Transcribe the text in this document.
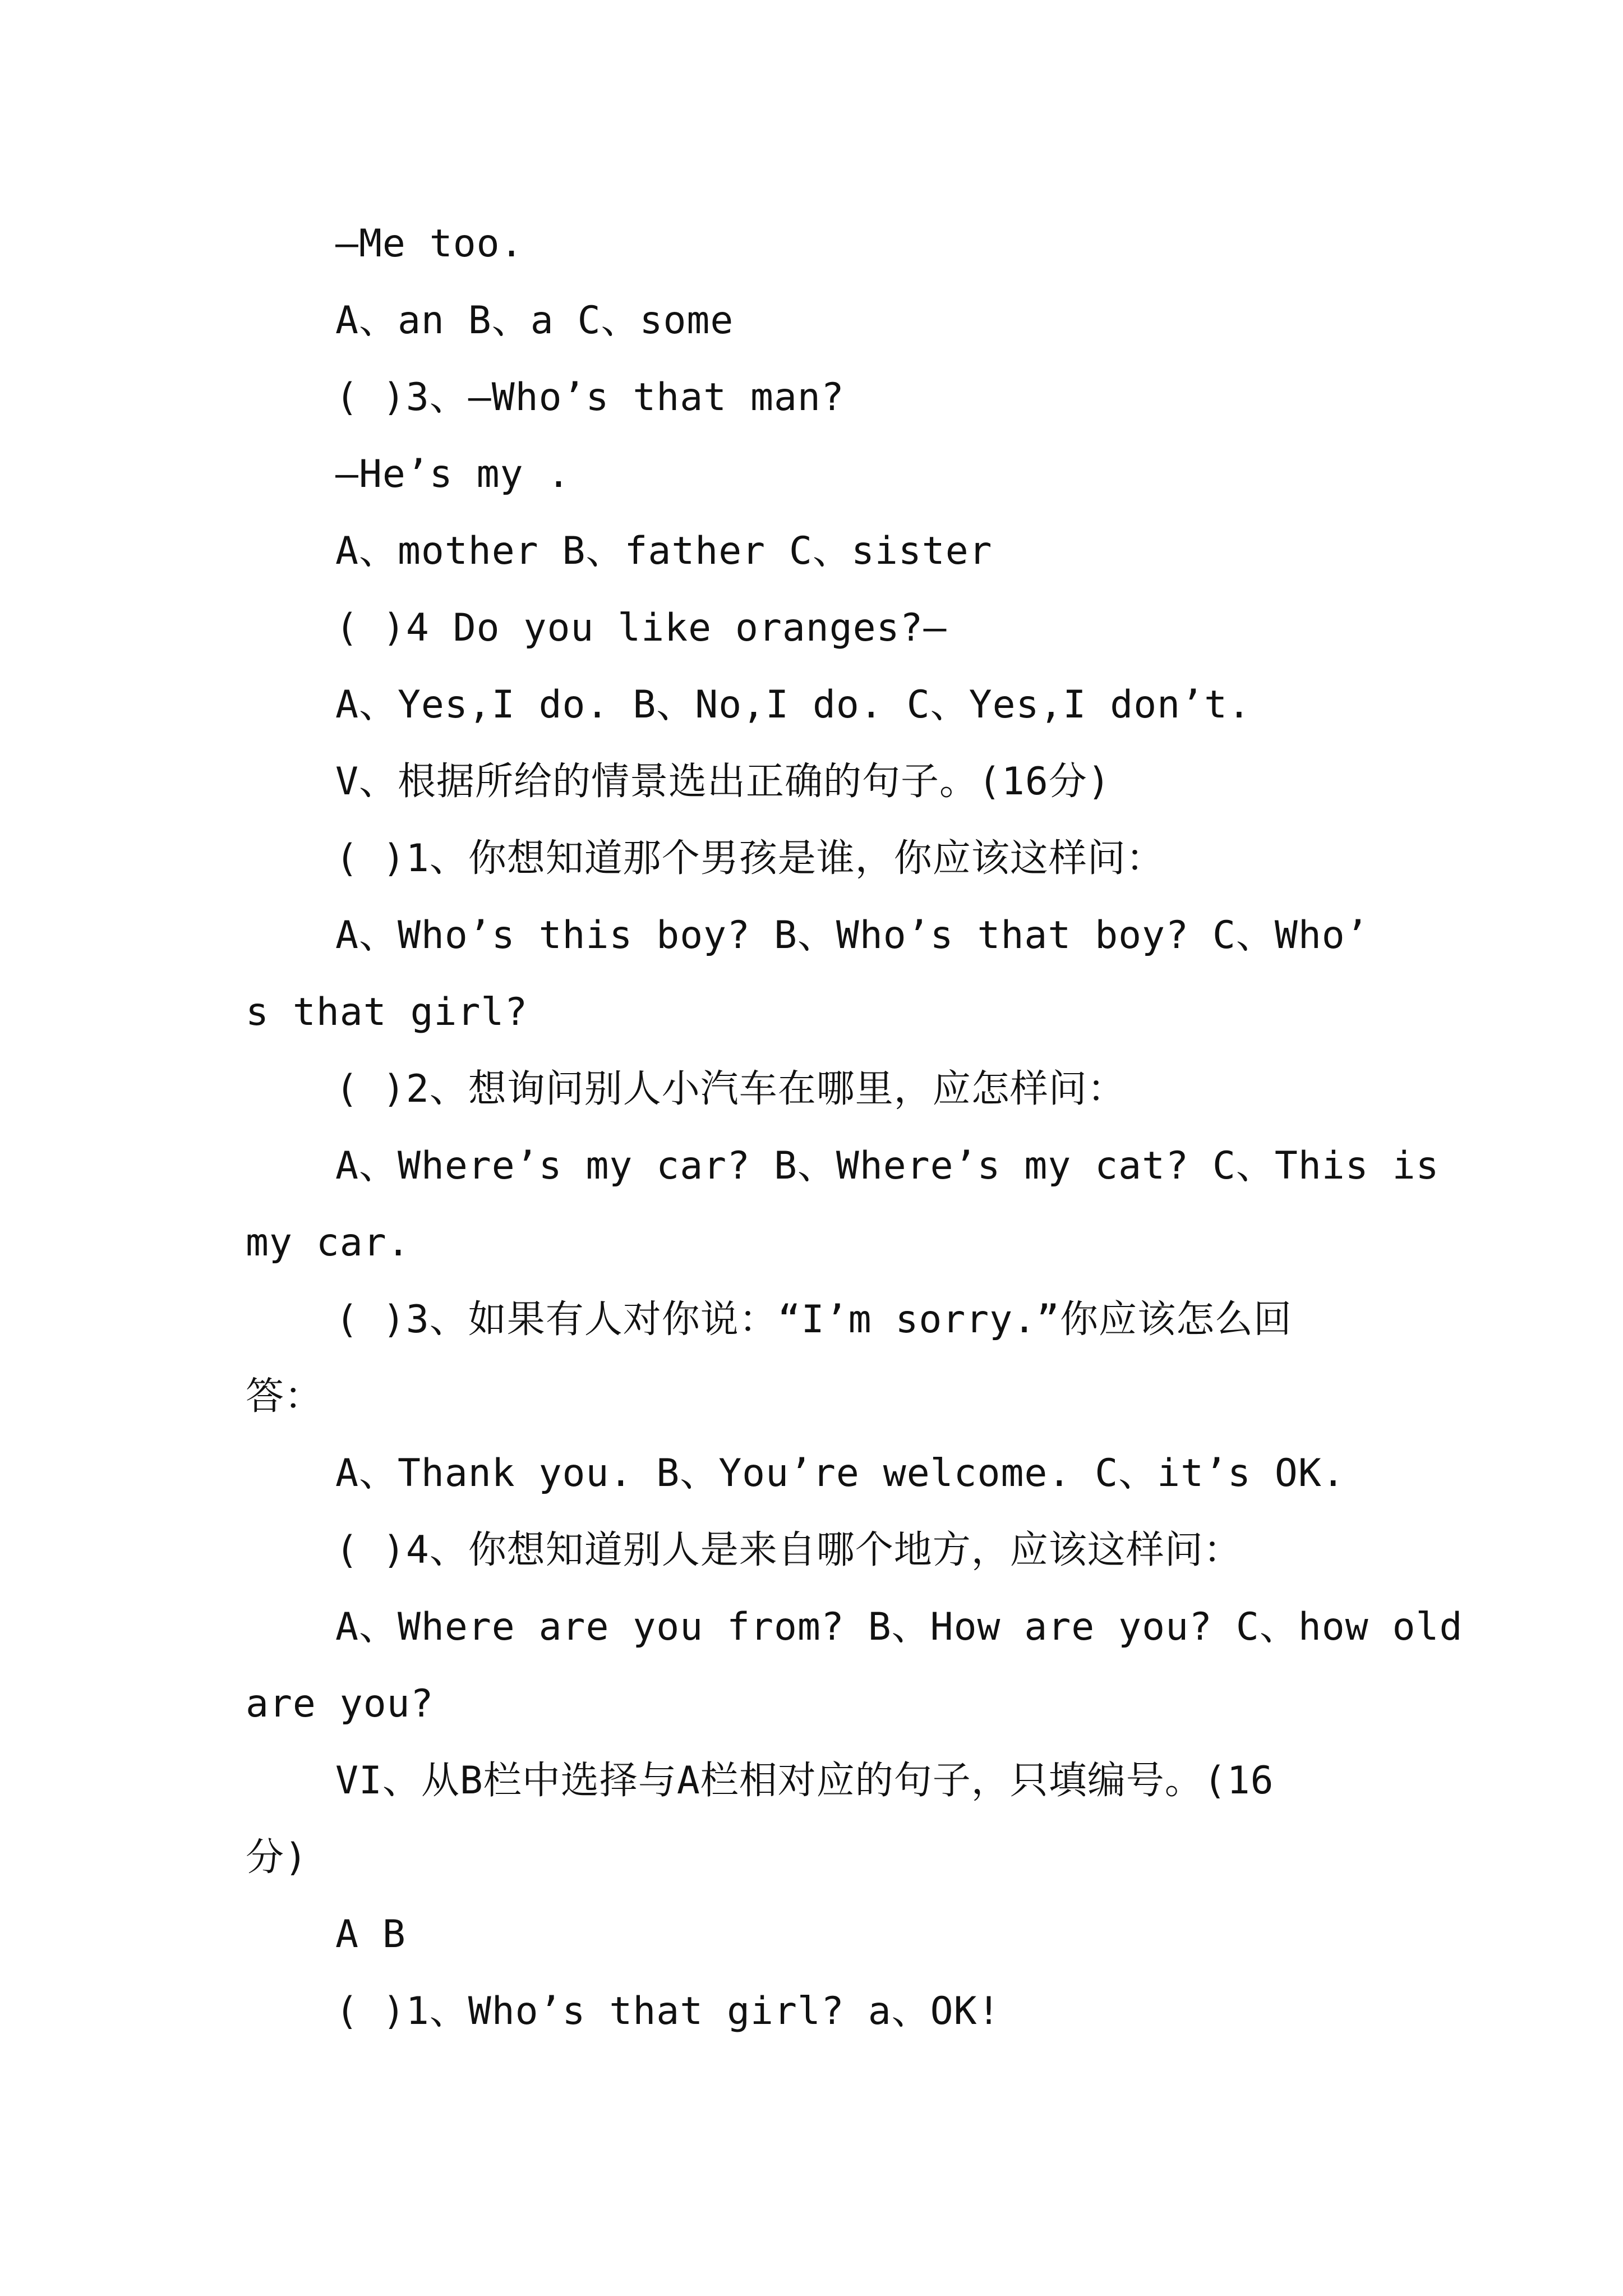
—Me too.
A、an B、a C、some
( )3、—Who’s that man?
—He’s my .
A、mother B、father C、sister
( )4 Do you like oranges?—
A、Yes,I do. B、No,I do. C、Yes,I don’t.
V、根据所给的情景选出正确的句子。(16分)
( )1、你想知道那个男孩是谁，你应该这样问：
A、Who’s this boy? B、Who’s that boy? C、Who’
s that girl?
( )2、想询问别人小汽车在哪里，应怎样问：
A、Where’s my car? B、Where’s my cat? C、This is
my car.
( )3、如果有人对你说：“I’m sorry.”你应该怎么回
答：
A、Thank you. B、You’re welcome. C、it’s OK.
( )4、你想知道别人是来自哪个地方，应该这样问：
A、Where are you from? B、How are you? C、how old
are you?
VI、从B栏中选择与A栏相对应的句子，只填编号。(16
分)
A B
( )1、Who’s that girl? a、OK!
